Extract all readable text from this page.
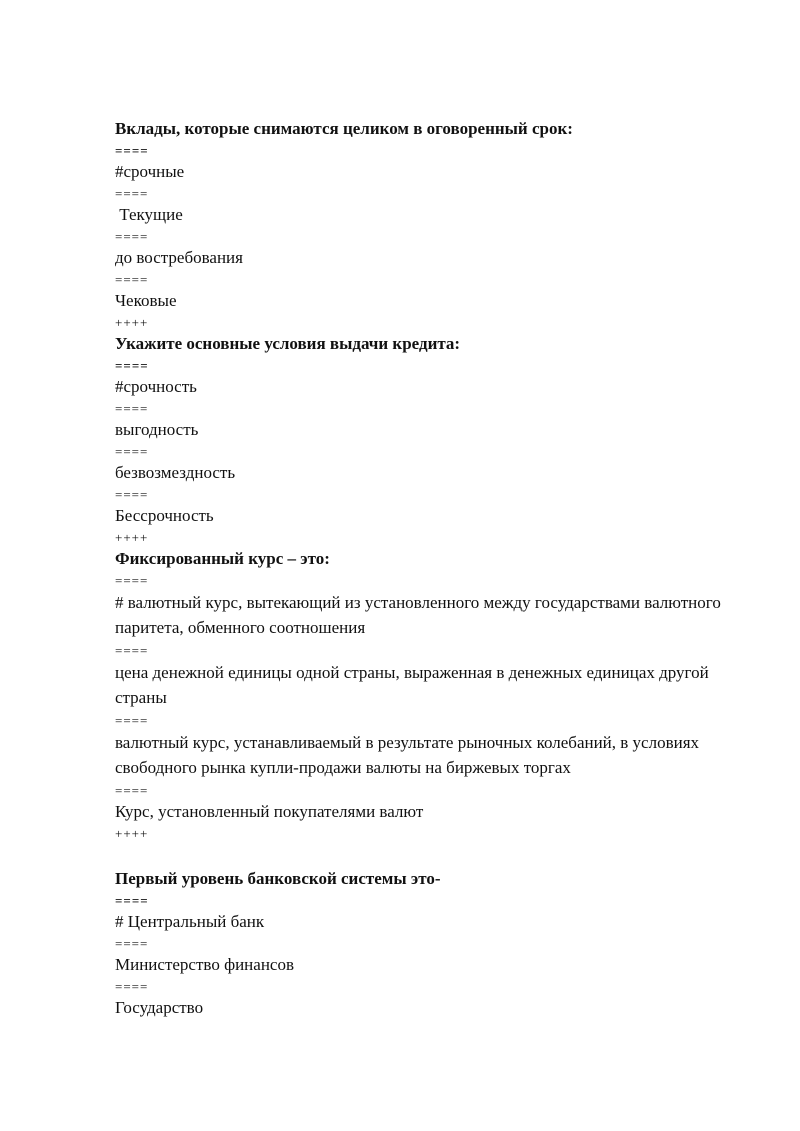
Вклады, которые снимаются целиком в оговоренный срок:

====

#срочные

====

Текущие

====

до востребования

====

Чековые

++++

Укажите основные условия выдачи кредита:

====

#срочность

====

выгодность

====

безвозмездность

====

Бессрочность

++++

Фиксированный курс – это:

====

# валютный курс, вытекающий из установленного между государствами валютного паритета, обменного соотношения

====

цена денежной единицы одной страны, выраженная в денежных единицах другой страны

====

валютный курс, устанавливаемый в результате рыночных колебаний, в условиях свободного рынка купли-продажи валюты на биржевых торгах

====

Курс, установленный покупателями валют

++++

Первый уровень банковской системы это-

====

# Центральный банк

====

Министерство финансов

====

Государство
